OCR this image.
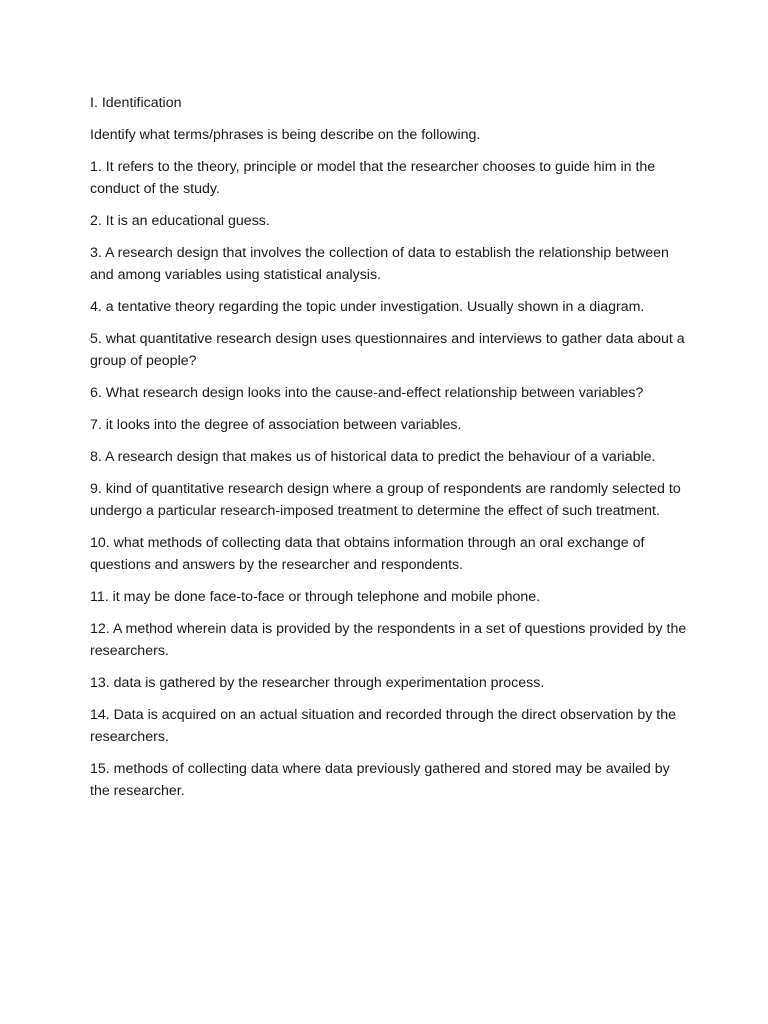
I. Identification
Identify what terms/phrases is being describe on the following.
1. It refers to the theory, principle or model that the researcher chooses to guide him in the conduct of the study.
2. It is an educational guess.
3. A research design that involves the collection of data to establish the relationship between and among variables using statistical analysis.
4. a tentative theory regarding the topic under investigation. Usually shown in a diagram.
5. what quantitative research design uses questionnaires and interviews to gather data about a group of people?
6. What research design looks into the cause-and-effect relationship between variables?
7. it looks into the degree of association between variables.
8. A research design that makes us of historical data to predict the behaviour of a variable.
9. kind of quantitative research design where a group of respondents are randomly selected to undergo a particular research-imposed treatment to determine the effect of such treatment.
10. what methods of collecting data that obtains information through an oral exchange of questions and answers by the researcher and respondents.
11. it may be done face-to-face or through telephone and mobile phone.
12. A method wherein data is provided by the respondents in a set of questions provided by the researchers.
13. data is gathered by the researcher through experimentation process.
14. Data is acquired on an actual situation and recorded through the direct observation by the researchers.
15. methods of collecting data where data previously gathered and stored may be availed by the researcher.
